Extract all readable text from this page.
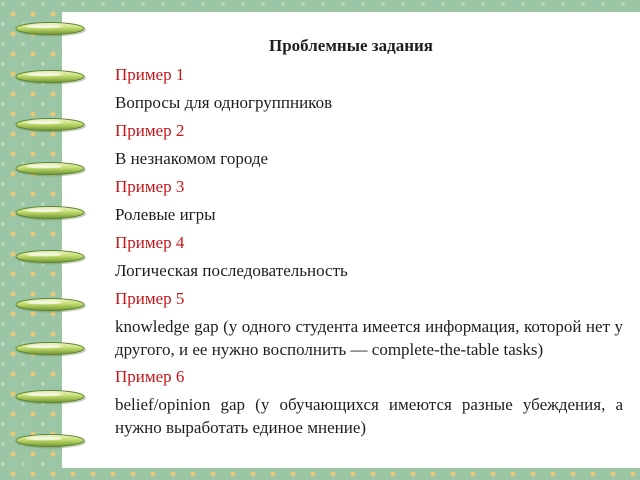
Проблемные задания
Пример 1
Вопросы для одногруппников
Пример 2
В незнакомом городе
Пример 3
Ролевые игры
Пример 4
Логическая последовательность
Пример 5
knowledge gap (у одного студента имеется информация, которой нет у другого, и ее нужно восполнить — complete-the-table tasks)
Пример 6
belief/opinion gap (у обучающихся имеются разные убеждения, а нужно выработать единое мнение)
